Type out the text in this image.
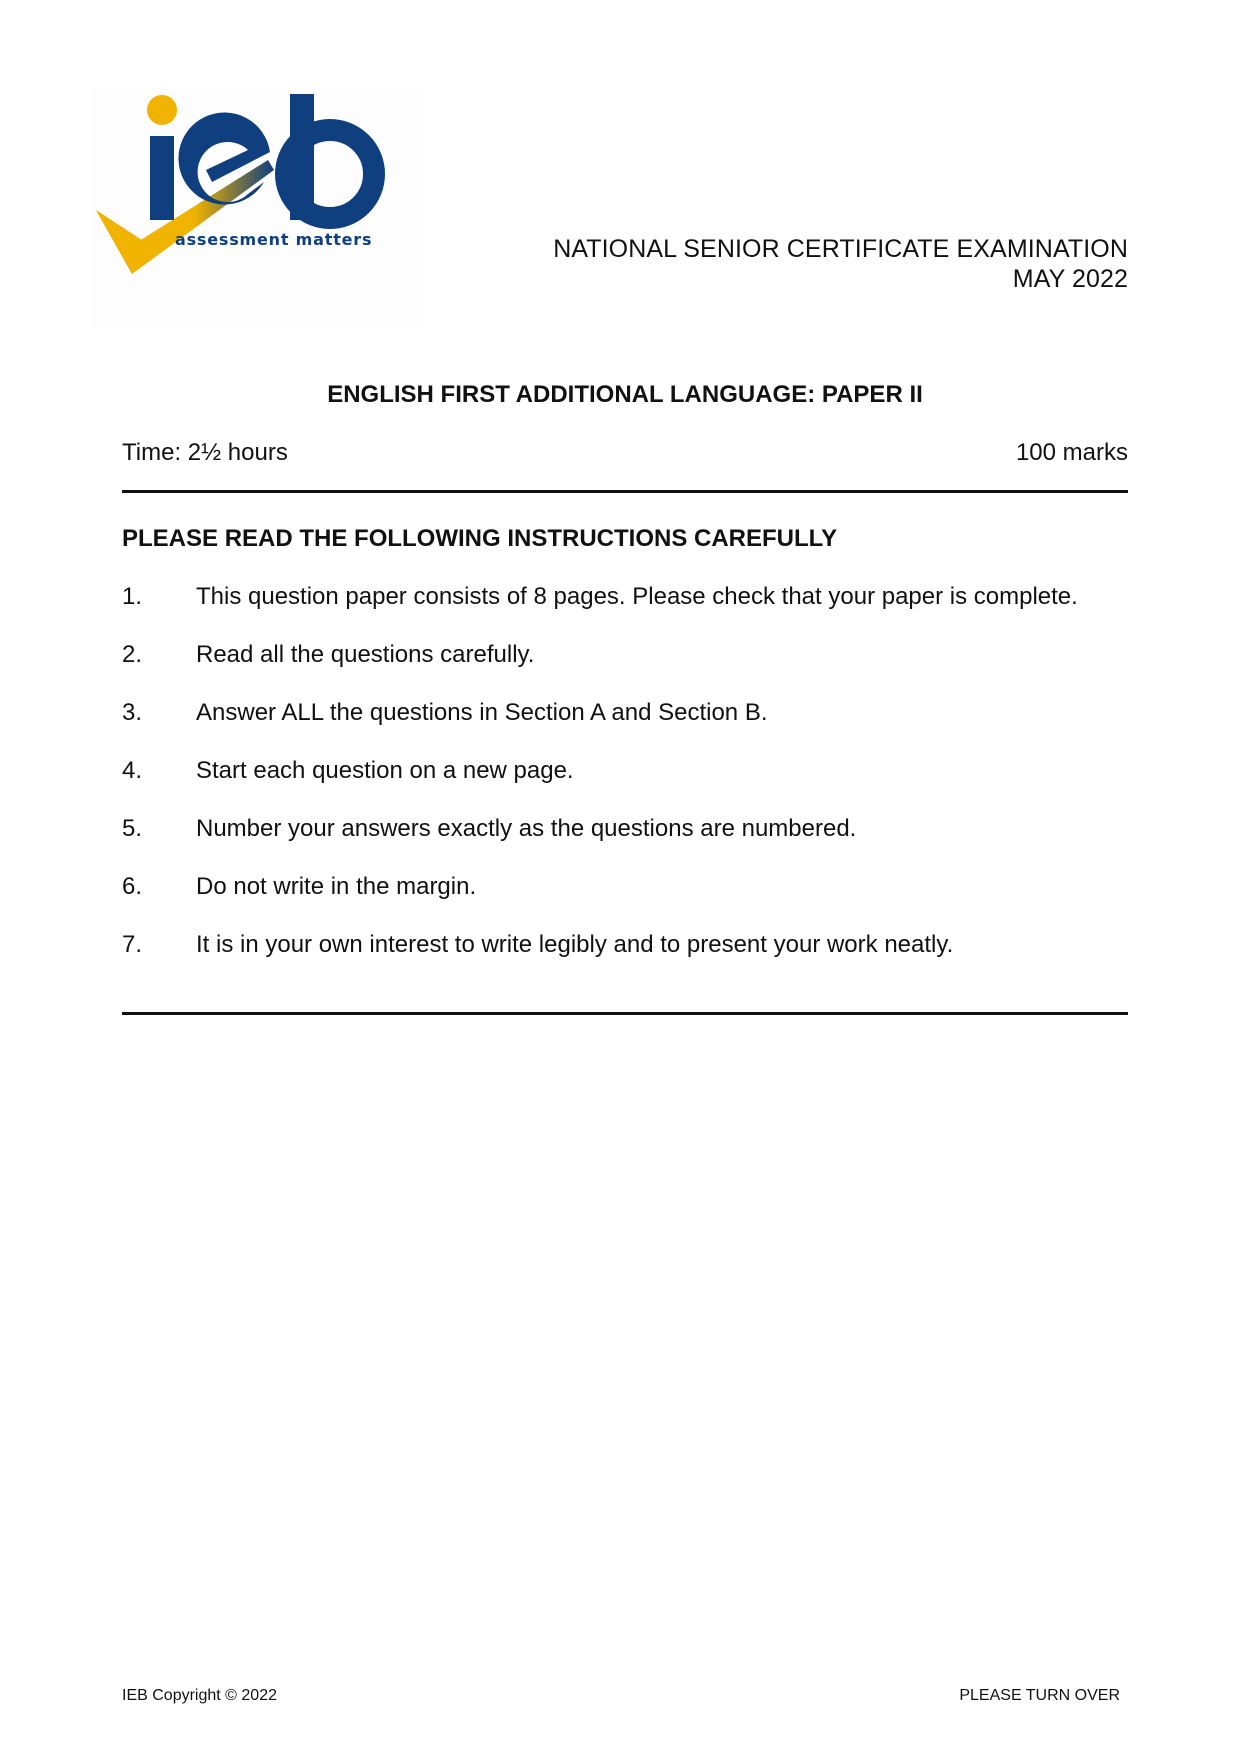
assessment matters	NATIONAL SENIOR CERTIFICATE EXAMINATION
MAY 2022
ENGLISH FIRST ADDITIONAL LANGUAGE: PAPER II
Time: 2½ hours	100 marks
PLEASE READ THE FOLLOWING INSTRUCTIONS CAREFULLY
1.	This question paper consists of 8 pages. Please check that your paper is complete.
2.	Read all the questions carefully.
3.	Answer ALL the questions in Section A and Section B.
4.	Start each question on a new page.
5.	Number your answers exactly as the questions are numbered.
6.	Do not write in the margin.
7.	It is in your own interest to write legibly and to present your work neatly.
IEB Copyright © 2022	PLEASE TURN OVER
